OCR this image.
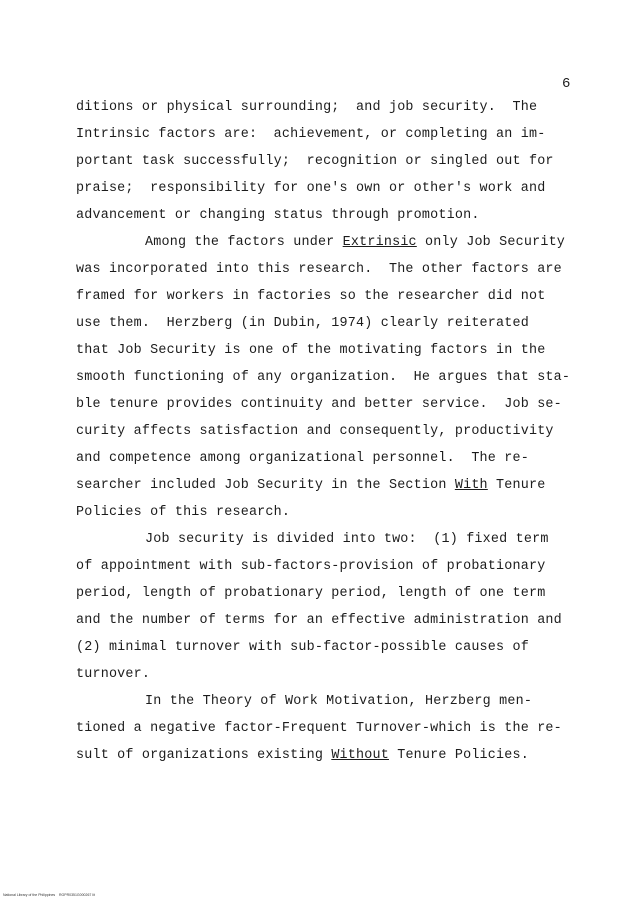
6
ditions or physical surrounding;  and job security.  The
Intrinsic factors are:  achievement, or completing an im-
portant task successfully;  recognition or singled out for
praise;  responsibility for one's own or other's work and
advancement or changing status through promotion.
Among the factors under Extrinsic only Job Security
was incorporated into this research.  The other factors are
framed for workers in factories so the researcher did not
use them.  Herzberg (in Dubin, 1974) clearly reiterated
that Job Security is one of the motivating factors in the
smooth functioning of any organization.  He argues that sta-
ble tenure provides continuity and better service.  Job se-
curity affects satisfaction and consequently, productivity
and competence among organizational personnel.  The re-
searcher included Job Security in the Section With Tenure
Policies of this research.
Job security is divided into two:  (1) fixed term
of appointment with sub-factors-provision of probationary
period, length of probationary period, length of one term
and the number of terms for an effective administration and
(2) minimal turnover with sub-factor-possible causes of
turnover.
In the Theory of Work Motivation, Herzberg men-
tioned a negative factor-Frequent Turnover-which is the re-
sult of organizations existing Without Tenure Policies.
National Library of the Philippines    RGPR0351G000267 lit
